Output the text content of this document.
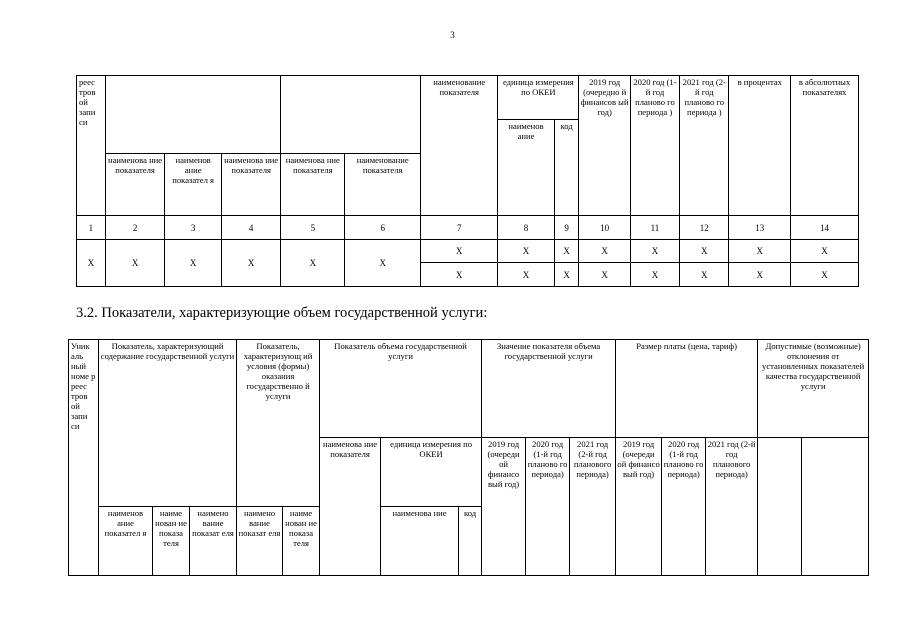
3
реес тров ой запи си						наименование показателя	единица измерения по ОКЕИ		2019 год (очередно й финансов ый год)	2020 год (1-й год планово го периода )	2021 год (2-й год планово го периода )	в процентах	в абсолютных показателях
							наименов ание	код					
	наименова ние показателя	наименов ание показател я	наименова ние показателя	наименова ние показателя	наименование показателя								
1	2	3	4	5	6	7	8	9	10	11	12	13	14
Х	Х	Х	Х	Х	Х	Х	Х	Х	Х	Х	Х	Х	Х
						Х	Х	Х	Х	Х	Х	Х	Х
3.2. Показатели, характеризующие объем государственной услуги:
Уник аль ный номе р реес тров ой запи си	Показатель, характеризующий содержание государственной услуги			Показатель, характеризующ ий условия (формы) оказания государственно й услуги		Показатель объема государственной услуги			Значение показателя объема государственной услуги			Размер платы (цена, тариф)			Допустимые (возможные) отклонения от установленных показателей качества государственной услуги	
						наименова ние показателя	единица измерения по ОКЕИ		2019 год (очереди ой финансо вый год)	2020 год (1-й год планово го периода)	2021 год (2-й год планового периода)	2019 год (очереди ой финансо вый год)	2020 год (1-й год планово го периода)	2021 год (2-й год планового периода)		
	наименов ание показател я	наиме нован ие показа теля	наимено вание показат еля	наимено вание показат еля	наиме нован ие показа теля		наименова ние	код								
